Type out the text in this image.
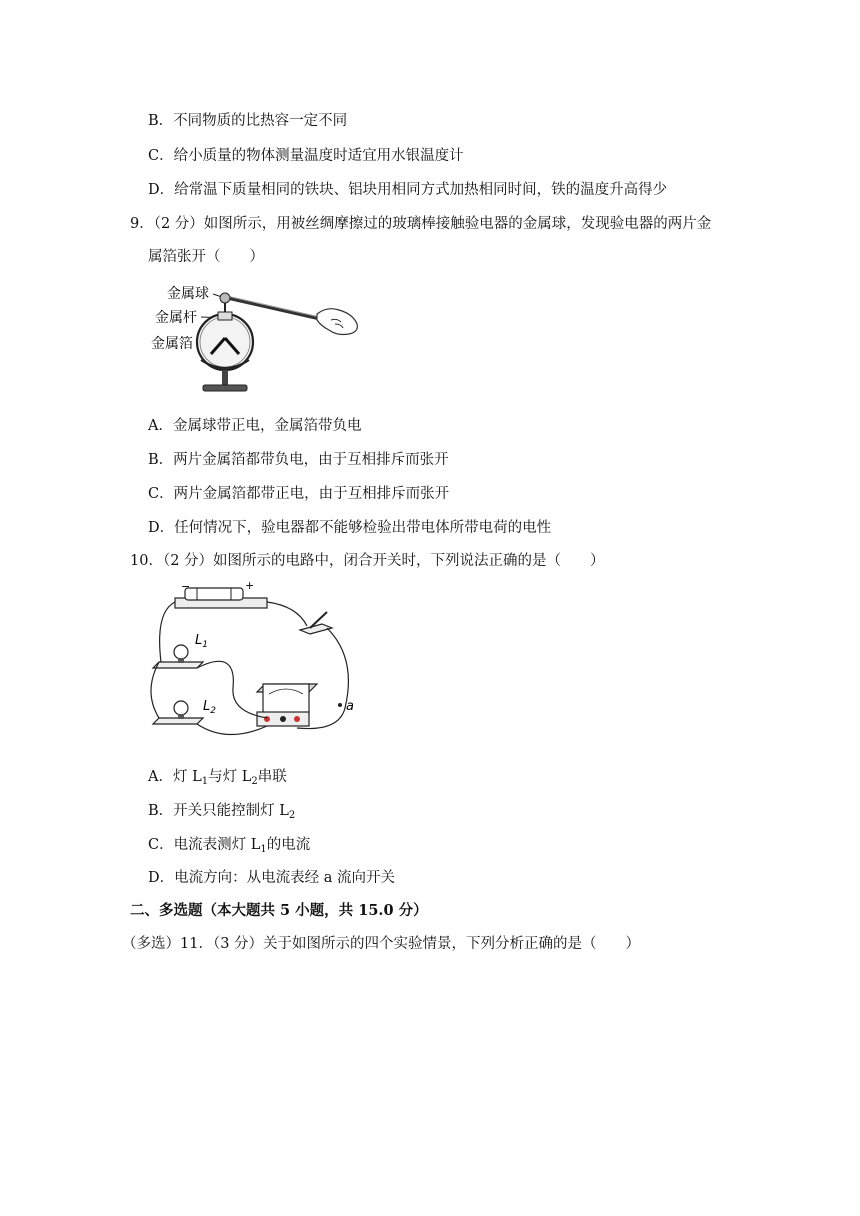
B．不同物质的比热容一定不同
C．给小质量的物体测量温度时适宜用水银温度计
D．给常温下质量相同的铁块、铝块用相同方式加热相同时间，铁的温度升高得少
9．（2 分）如图所示，用被丝绸摩擦过的玻璃棒接触验电器的金属球，发现验电器的两片金
属箔张开（　　）
金属球
金属杆
金属箔
A．金属球带正电，金属箔带负电
B．两片金属箔都带负电，由于互相排斥而张开
C．两片金属箔都带正电，由于互相排斥而张开
D．任何情况下，验电器都不能够检验出带电体所带电荷的电性
10．（2 分）如图所示的电路中，闭合开关时，下列说法正确的是（　　）
−	+
$L_1$
$L_2$	a
A．灯 $L_1$与灯 $L_2$串联
B．开关只能控制灯 $L_2$
C．电流表测灯 $L_1$的电流
D．电流方向：从电流表经 a 流向开关
二、多选题（本大题共 5 小题，共 15.0 分）
（多选）11．（3 分）关于如图所示的四个实验情景，下列分析正确的是（　　）
